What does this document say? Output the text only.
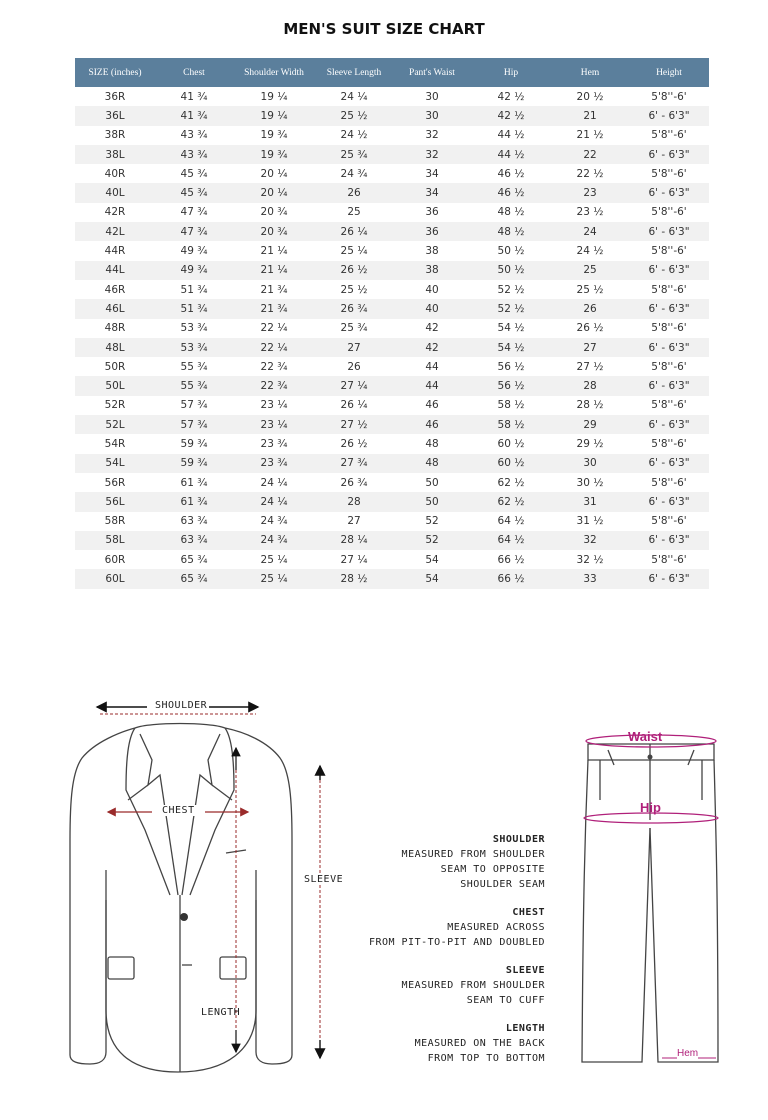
MEN'S SUIT SIZE CHART
SIZE (inches)	Chest	Shoulder Width	Sleeve Length	Pant's Waist	Hip	Hem	Height
36R	41 ¾	19 ¼	24 ¼	30	42 ½	20 ½	5'8''-6'
36L	41 ¾	19 ¼	25 ½	30	42 ½	21	6' - 6'3"
38R	43 ¾	19 ¾	24 ½	32	44 ½	21 ½	5'8''-6'
38L	43 ¾	19 ¾	25 ¾	32	44 ½	22	6' - 6'3"
40R	45 ¾	20 ¼	24 ¾	34	46 ½	22 ½	5'8''-6'
40L	45 ¾	20 ¼	26	34	46 ½	23	6' - 6'3"
42R	47 ¾	20 ¾	25	36	48 ½	23 ½	5'8''-6'
42L	47 ¾	20 ¾	26 ¼	36	48 ½	24	6' - 6'3"
44R	49 ¾	21 ¼	25 ¼	38	50 ½	24 ½	5'8''-6'
44L	49 ¾	21 ¼	26 ½	38	50 ½	25	6' - 6'3"
46R	51 ¾	21 ¾	25 ½	40	52 ½	25 ½	5'8''-6'
46L	51 ¾	21 ¾	26 ¾	40	52 ½	26	6' - 6'3"
48R	53 ¾	22 ¼	25 ¾	42	54 ½	26 ½	5'8''-6'
48L	53 ¾	22 ¼	27	42	54 ½	27	6' - 6'3"
50R	55 ¾	22 ¾	26	44	56 ½	27 ½	5'8''-6'
50L	55 ¾	22 ¾	27 ¼	44	56 ½	28	6' - 6'3"
52R	57 ¾	23 ¼	26 ¼	46	58 ½	28 ½	5'8''-6'
52L	57 ¾	23 ¼	27 ½	46	58 ½	29	6' - 6'3"
54R	59 ¾	23 ¾	26 ½	48	60 ½	29 ½	5'8''-6'
54L	59 ¾	23 ¾	27 ¾	48	60 ½	30	6' - 6'3"
56R	61 ¾	24 ¼	26 ¾	50	62 ½	30 ½	5'8''-6'
56L	61 ¾	24 ¼	28	50	62 ½	31	6' - 6'3"
58R	63 ¾	24 ¾	27	52	64 ½	31 ½	5'8''-6'
58L	63 ¾	24 ¾	28 ¼	52	64 ½	32	6' - 6'3"
60R	65 ¾	25 ¼	27 ¼	54	66 ½	32 ½	5'8''-6'
60L	65 ¾	25 ¼	28 ½	54	66 ½	33	6' - 6'3"

SHOULDER
CHEST
SLEEVE
LENGTH
SHOULDER
MEASURED FROM SHOULDER
SEAM TO OPPOSITE
SHOULDER SEAM
CHEST
MEASURED ACROSS
FROM PIT-TO-PIT AND DOUBLED
SLEEVE
MEASURED FROM SHOULDER
SEAM TO CUFF
LENGTH
MEASURED ON THE BACK
FROM TOP TO BOTTOM
Waist
Hip
Hem
